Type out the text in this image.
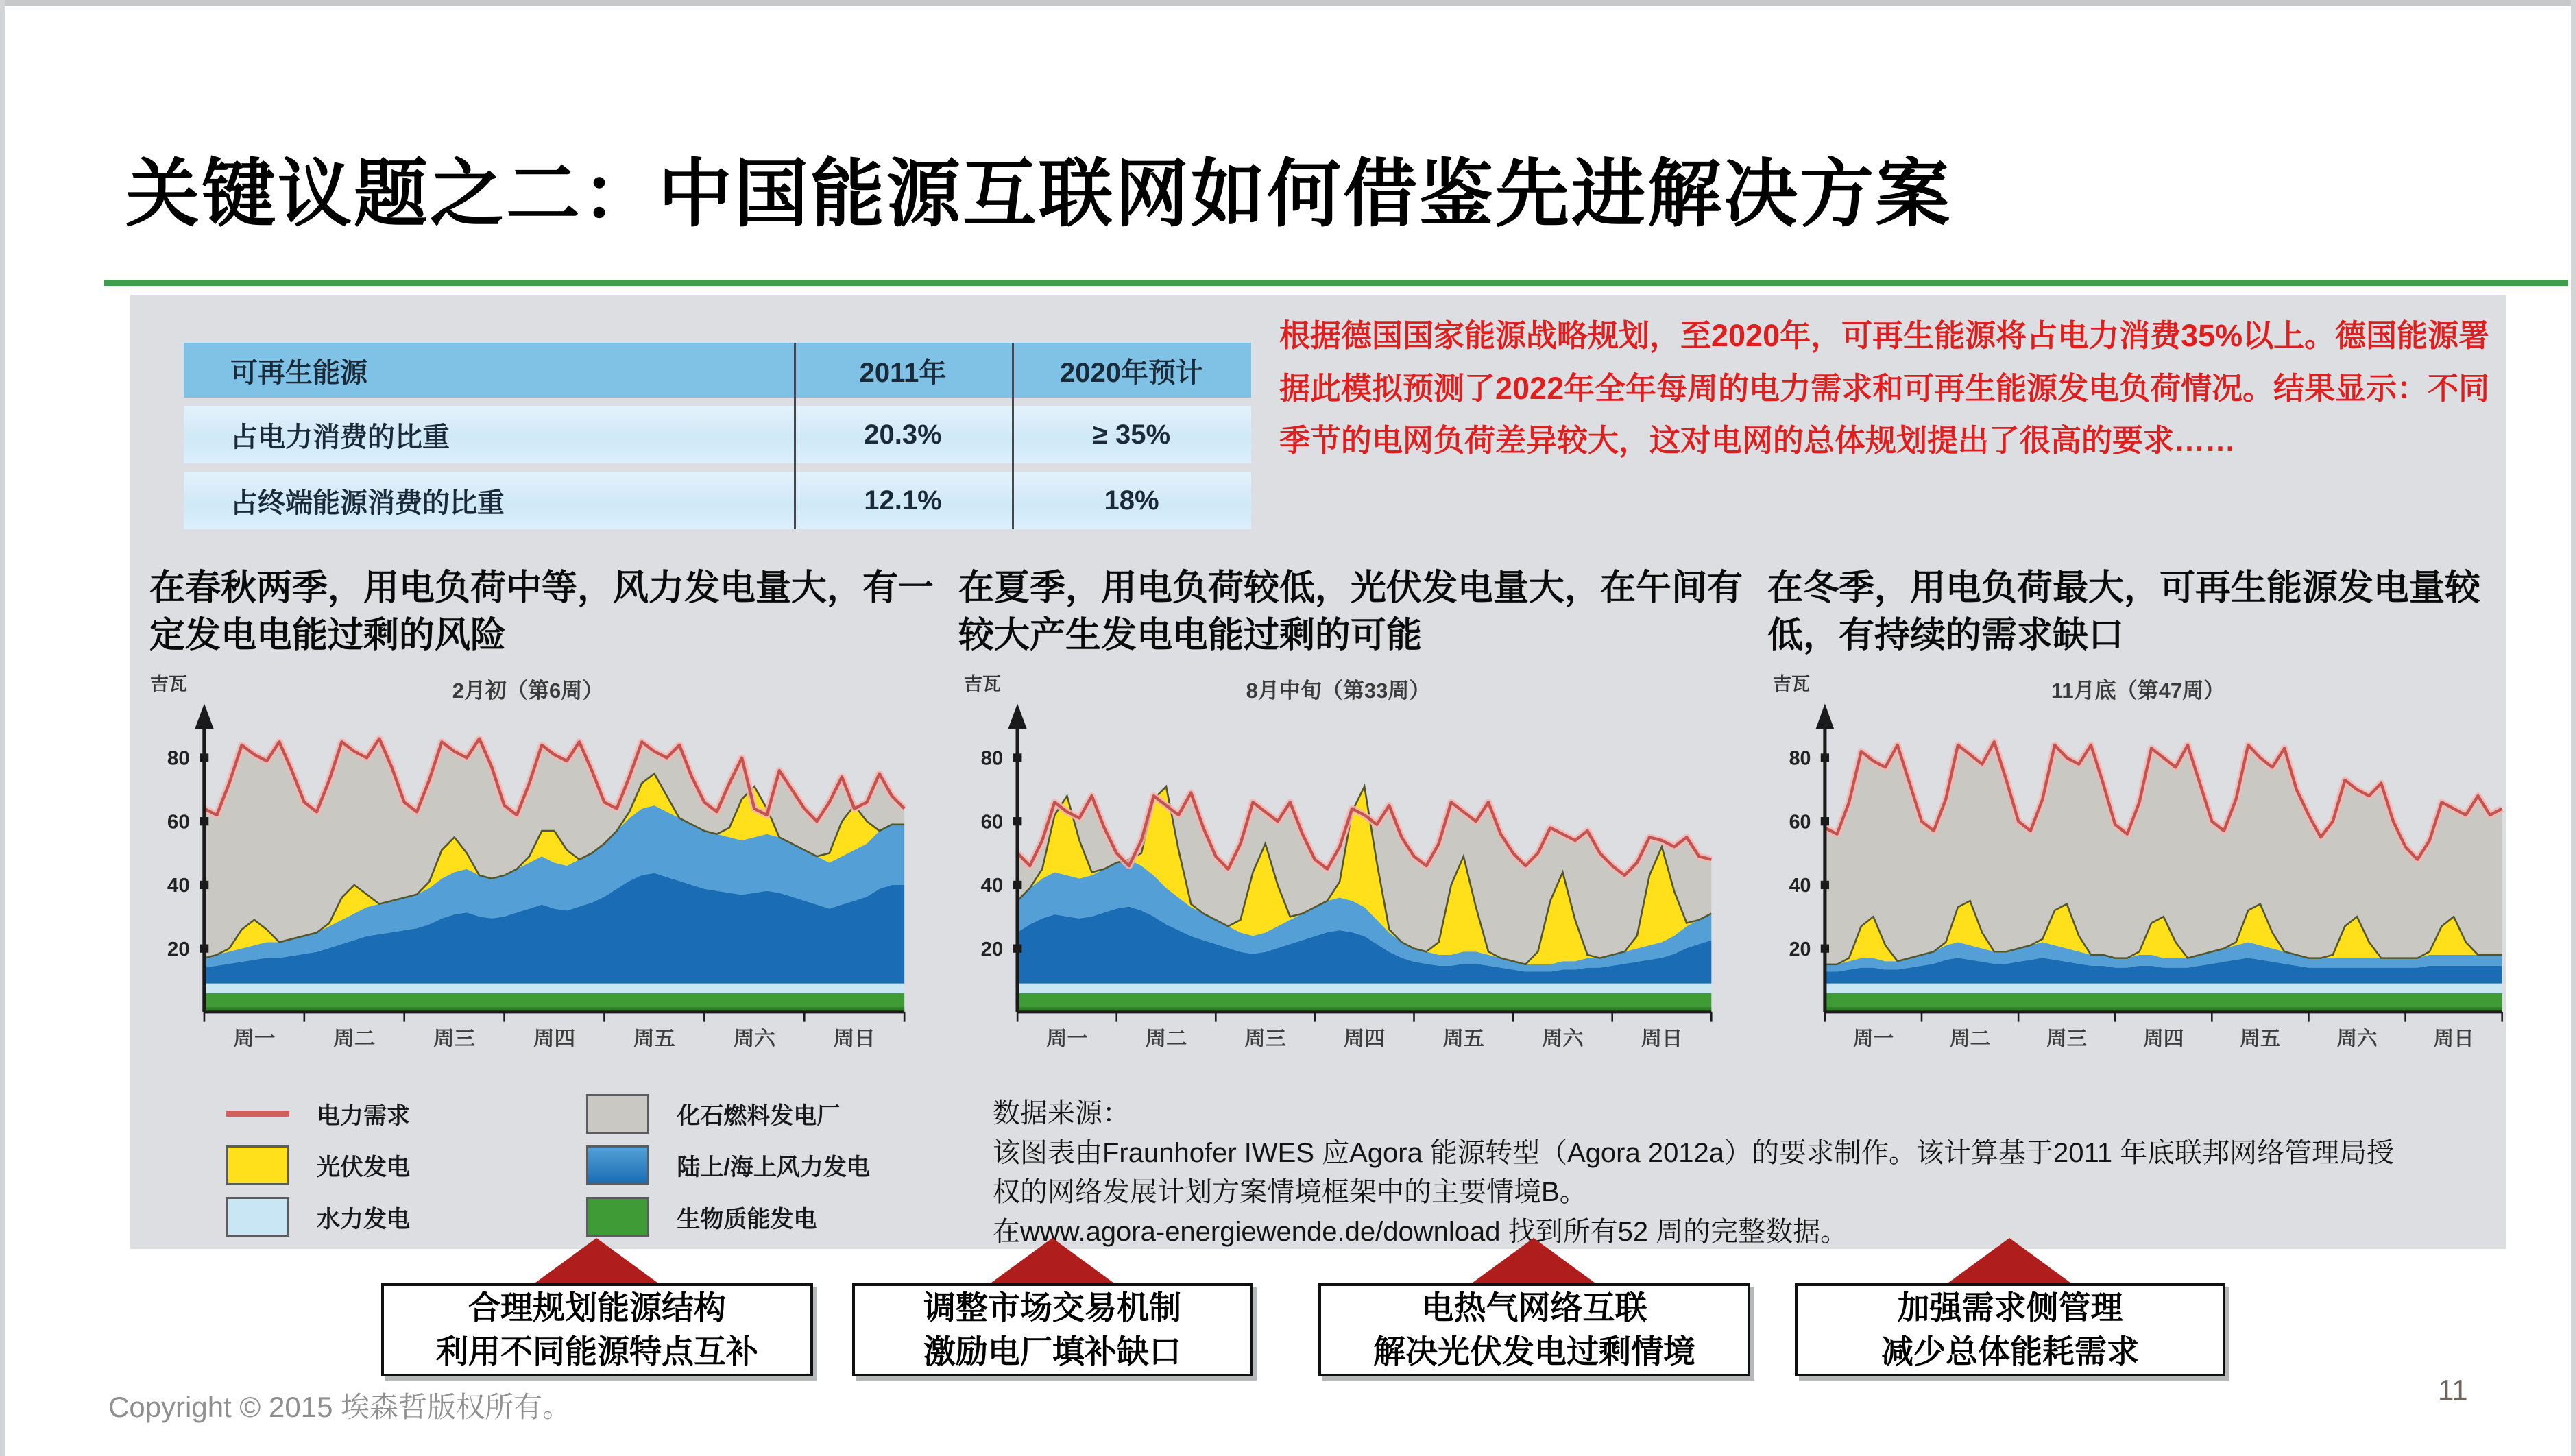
关键议题之二：中国能源互联网如何借鉴先进解决方案
可再生能源	2011年	2020年预计
占电力消费的比重	20.3%	≥ 35%
占终端能源消费的比重	12.1%	18%
根据德国国家能源战略规划，至2020年，可再生能源将占电力消费35%以上。德国能源署据此模拟预测了2022年全年每周的电力需求和可再生能源发电负荷情况。结果显示：不同季节的电网负荷差异较大，这对电网的总体规划提出了很高的要求……
在春秋两季，用电负荷中等，风力发电量大，有一定发电电能过剩的风险
在夏季，用电负荷较低，光伏发电量大，在午间有较大产生发电电能过剩的可能
在冬季，用电负荷最大，可再生能源发电量较低，有持续的需求缺口
吉瓦	2月初（第6周）
20
40
60
80
周一	周二	周三	周四	周五	周六	周日
吉瓦	8月中旬（第33周）
20
40
60
80
周一	周二	周三	周四	周五	周六	周日
吉瓦	11月底（第47周）
20
40
60
80
周一	周二	周三	周四	周五	周六	周日
电力需求
光伏发电
水力发电
化石燃料发电厂
陆上/海上风力发电
生物质能发电
数据来源：
该图表由Fraunhofer IWES 应Agora 能源转型（Agora 2012a）的要求制作。该计算基于2011 年底联邦网络管理局授
权的网络发展计划方案情境框架中的主要情境B。
在www.agora-energiewende.de/download 找到所有52 周的完整数据。
合理规划能源结构
利用不同能源特点互补
调整市场交易机制
激励电厂填补缺口
电热气网络互联
解决光伏发电过剩情境
加强需求侧管理
减少总体能耗需求
Copyright © 2015 埃森哲版权所有。
11
